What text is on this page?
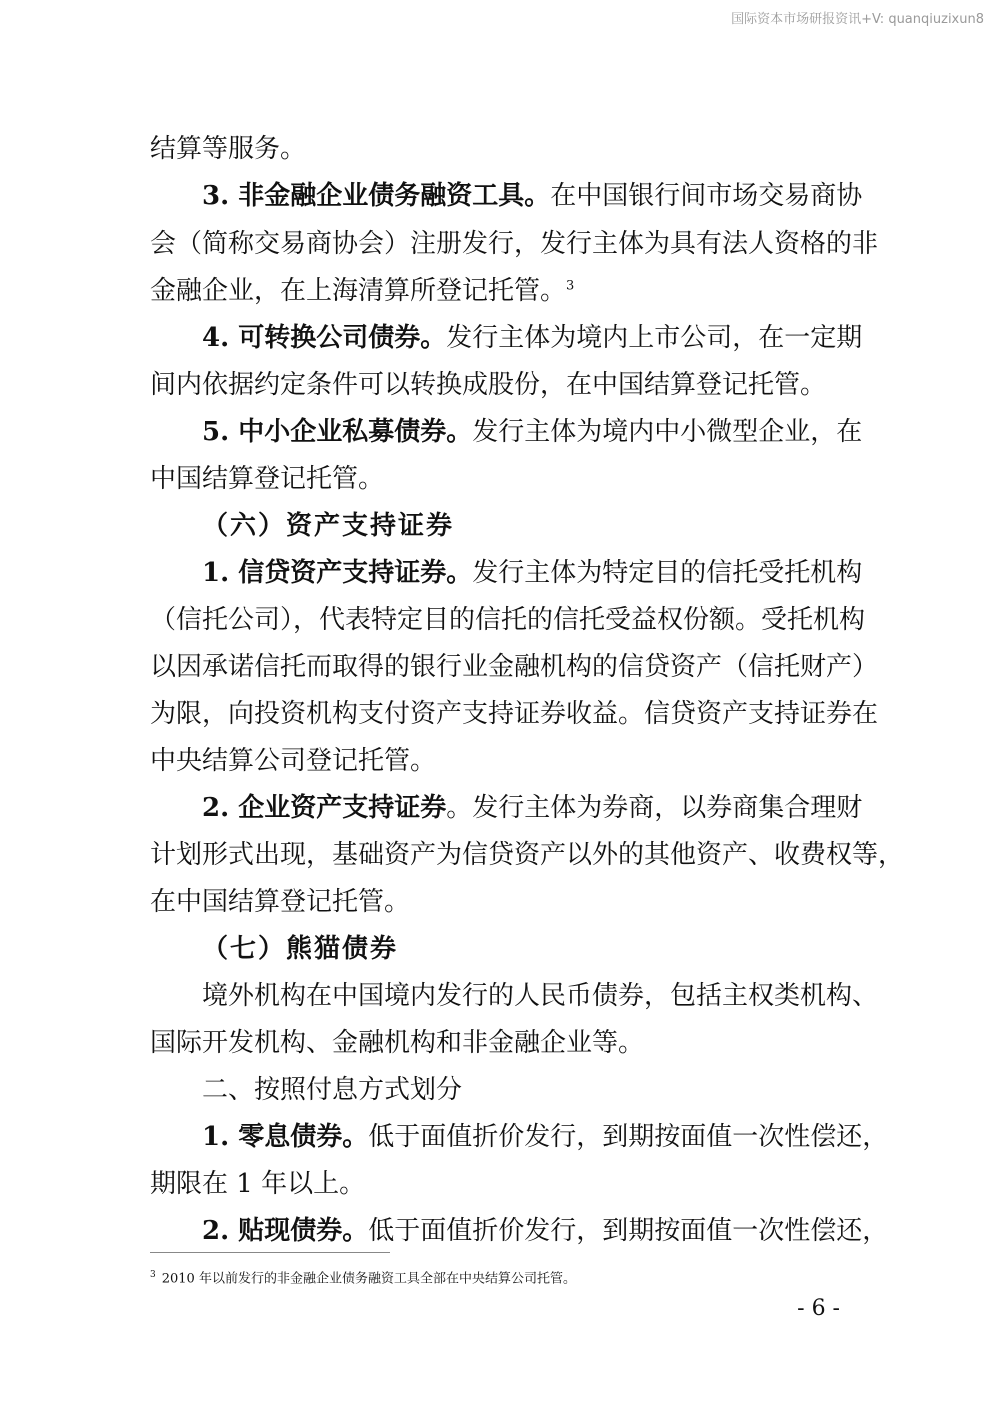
国际资本市场研报资讯+V: quanqiuzixun8
结算等服务。
3. 非金融企业债务融资工具。在中国银行间市场交易商协
会（简称交易商协会）注册发行，发行主体为具有法人资格的非
金融企业，在上海清算所登记托管。$^3$
4. 可转换公司债券。发行主体为境内上市公司，在一定期
间内依据约定条件可以转换成股份，在中国结算登记托管。
5. 中小企业私募债券。发行主体为境内中小微型企业，在
中国结算登记托管。
（六）资产支持证券
1. 信贷资产支持证券。发行主体为特定目的信托受托机构
（信托公司），代表特定目的信托的信托受益权份额。受托机构
以因承诺信托而取得的银行业金融机构的信贷资产（信托财产）
为限，向投资机构支付资产支持证券收益。信贷资产支持证券在
中央结算公司登记托管。
2. 企业资产支持证券。发行主体为券商，以券商集合理财
计划形式出现，基础资产为信贷资产以外的其他资产、收费权等，
在中国结算登记托管。
（七）熊猫债券
境外机构在中国境内发行的人民币债券，包括主权类机构、
国际开发机构、金融机构和非金融企业等。
二、按照付息方式划分
1. 零息债券。低于面值折价发行，到期按面值一次性偿还，
期限在 1 年以上。
2. 贴现债券。低于面值折价发行，到期按面值一次性偿还，
$^3$ 2010 年以前发行的非金融企业债务融资工具全部在中央结算公司托管。
- 6 -
